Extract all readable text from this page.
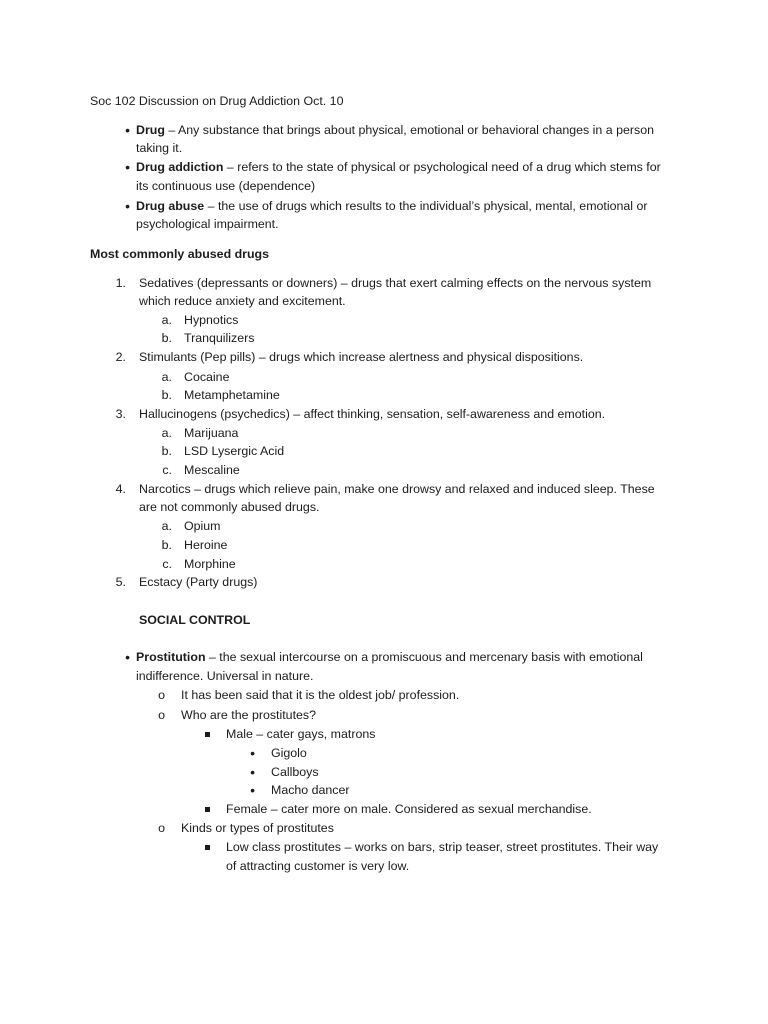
Soc 102 Discussion on Drug Addiction Oct. 10
• Drug – Any substance that brings about physical, emotional or behavioral changes in a person
taking it.
• Drug addiction – refers to the state of physical or psychological need of a drug which stems for
its continuous use (dependence)
• Drug abuse – the use of drugs which results to the individual’s physical, mental, emotional or
psychological impairment.
Most commonly abused drugs
1. Sedatives (depressants or downers) – drugs that exert calming effects on the nervous system
which reduce anxiety and excitement.
a. Hypnotics
b. Tranquilizers
2. Stimulants (Pep pills) – drugs which increase alertness and physical dispositions.
a. Cocaine
b. Metamphetamine
3. Hallucinogens (psychedics) – affect thinking, sensation, self-awareness and emotion.
a. Marijuana
b. LSD Lysergic Acid
c. Mescaline
4. Narcotics – drugs which relieve pain, make one drowsy and relaxed and induced sleep. These
are not commonly abused drugs.
a. Opium
b. Heroine
c. Morphine
5. Ecstacy (Party drugs)
SOCIAL CONTROL
• Prostitution – the sexual intercourse on a promiscuous and mercenary basis with emotional
indifference. Universal in nature.
o It has been said that it is the oldest job/ profession.
o Who are the prostitutes?
Male – cater gays, matrons
• Gigolo
• Callboys
• Macho dancer
Female – cater more on male. Considered as sexual merchandise.
o Kinds or types of prostitutes
Low class prostitutes – works on bars, strip teaser, street prostitutes. Their way
of attracting customer is very low.
